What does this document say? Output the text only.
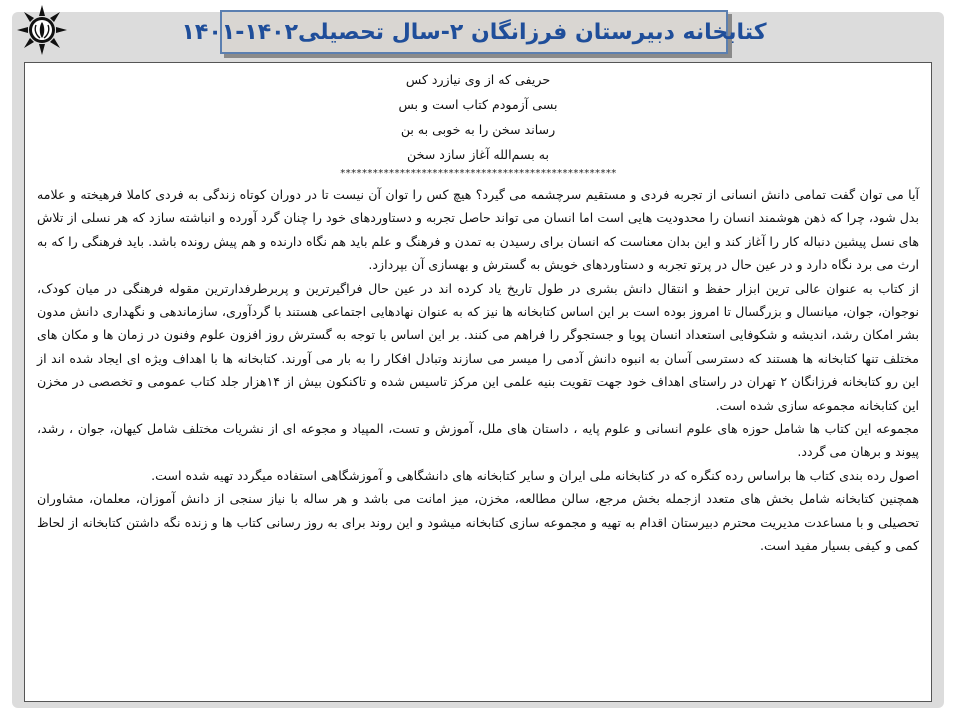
کتابخانه دبیرستان فرزانگان ۲-سال تحصیلی۱۴۰۲-۱۴۰۱
حریفی که از وی نیازرد کس
بسی آزمودم کتاب است و بس
رساند سخن را به خوبی به بن
به بسم‌الله آغاز سازد سخن
***************************************************

آیا می توان گفت تمامی دانش انسانی از تجربه فردی و مستقیم سرچشمه می گیرد؟ هیچ کس را توان آن نیست تا در دوران کوتاه زندگی به فردی کاملا فرهیخته و علامه بدل شود، چرا که ذهن هوشمند انسان را محدودیت هایی است اما انسان می تواند حاصل تجربه و دستاوردهای خود را چنان گرد آورده و انباشته سازد که هر نسلی از تلاش های نسل پیشین دنباله کار را آغاز کند و این بدان معناست که انسان برای رسیدن به تمدن و فرهنگ و علم باید هم نگاه دارنده و هم پیش رونده باشد. باید فرهنگی را که به ارث می برد نگاه دارد و در عین حال در پرتو تجربه و دستاوردهای خویش به گسترش و بهسازی آن بپردازد.

از کتاب به عنوان عالی ترین ابزار حفظ و انتقال دانش بشری در طول تاریخ یاد کرده اند در عین حال فراگیرترین و پربرطرفدارترین مقوله فرهنگی در میان کودک، نوجوان، جوان، میانسال و بزرگسال تا امروز بوده است بر این اساس کتابخانه ها نیز که به عنوان نهادهایی اجتماعی هستند با گردآوری، سازماندهی و نگهداری دانش مدون بشر امکان رشد، اندیشه و شکوفایی استعداد انسان پویا و جستجوگر را فراهم می کنند. بر این اساس با توجه به گسترش روز افزون علوم وفنون در زمان ها و مکان های مختلف تنها کتابخانه ها هستند که دسترسی آسان به انبوه دانش آدمی را میسر می سازند وتبادل افکار را به بار می آورند. کتابخانه ها با اهداف ویژه ای ایجاد شده اند از این رو کتابخانه فرزانگان ۲ تهران در راستای اهداف خود جهت تقویت بنیه علمی این مرکز تاسیس شده و تاکنکون بیش از ۱۴هزار جلد کتاب عمومی و تخصصی در مخزن این کتابخانه مجموعه سازی شده است.

مجموعه این کتاب ها شامل حوزه های علوم انسانی و علوم پایه ، داستان های ملل، آموزش و تست، المپیاد و مجوعه ای از نشریات مختلف شامل کیهان، جوان ، رشد، پیوند و برهان می گردد.

اصول رده بندی کتاب ها براساس رده کنگره که در کتابخانه ملی ایران و سایر کتابخانه های دانشگاهی و آموزشگاهی استفاده میگردد تهیه شده است.

همچنین کتابخانه شامل بخش های متعدد ازجمله بخش مرجع، سالن مطالعه، مخزن، میز امانت می باشد و هر ساله با نیاز سنجی از دانش آموزان، معلمان، مشاوران تحصیلی و با مساعدت مدیریت محترم دبیرستان اقدام به تهیه و مجموعه سازی کتابخانه میشود و این روند برای به روز رسانی کتاب ها و زنده نگه داشتن کتابخانه از لحاظ کمی و کیفی بسیار مفید است.
